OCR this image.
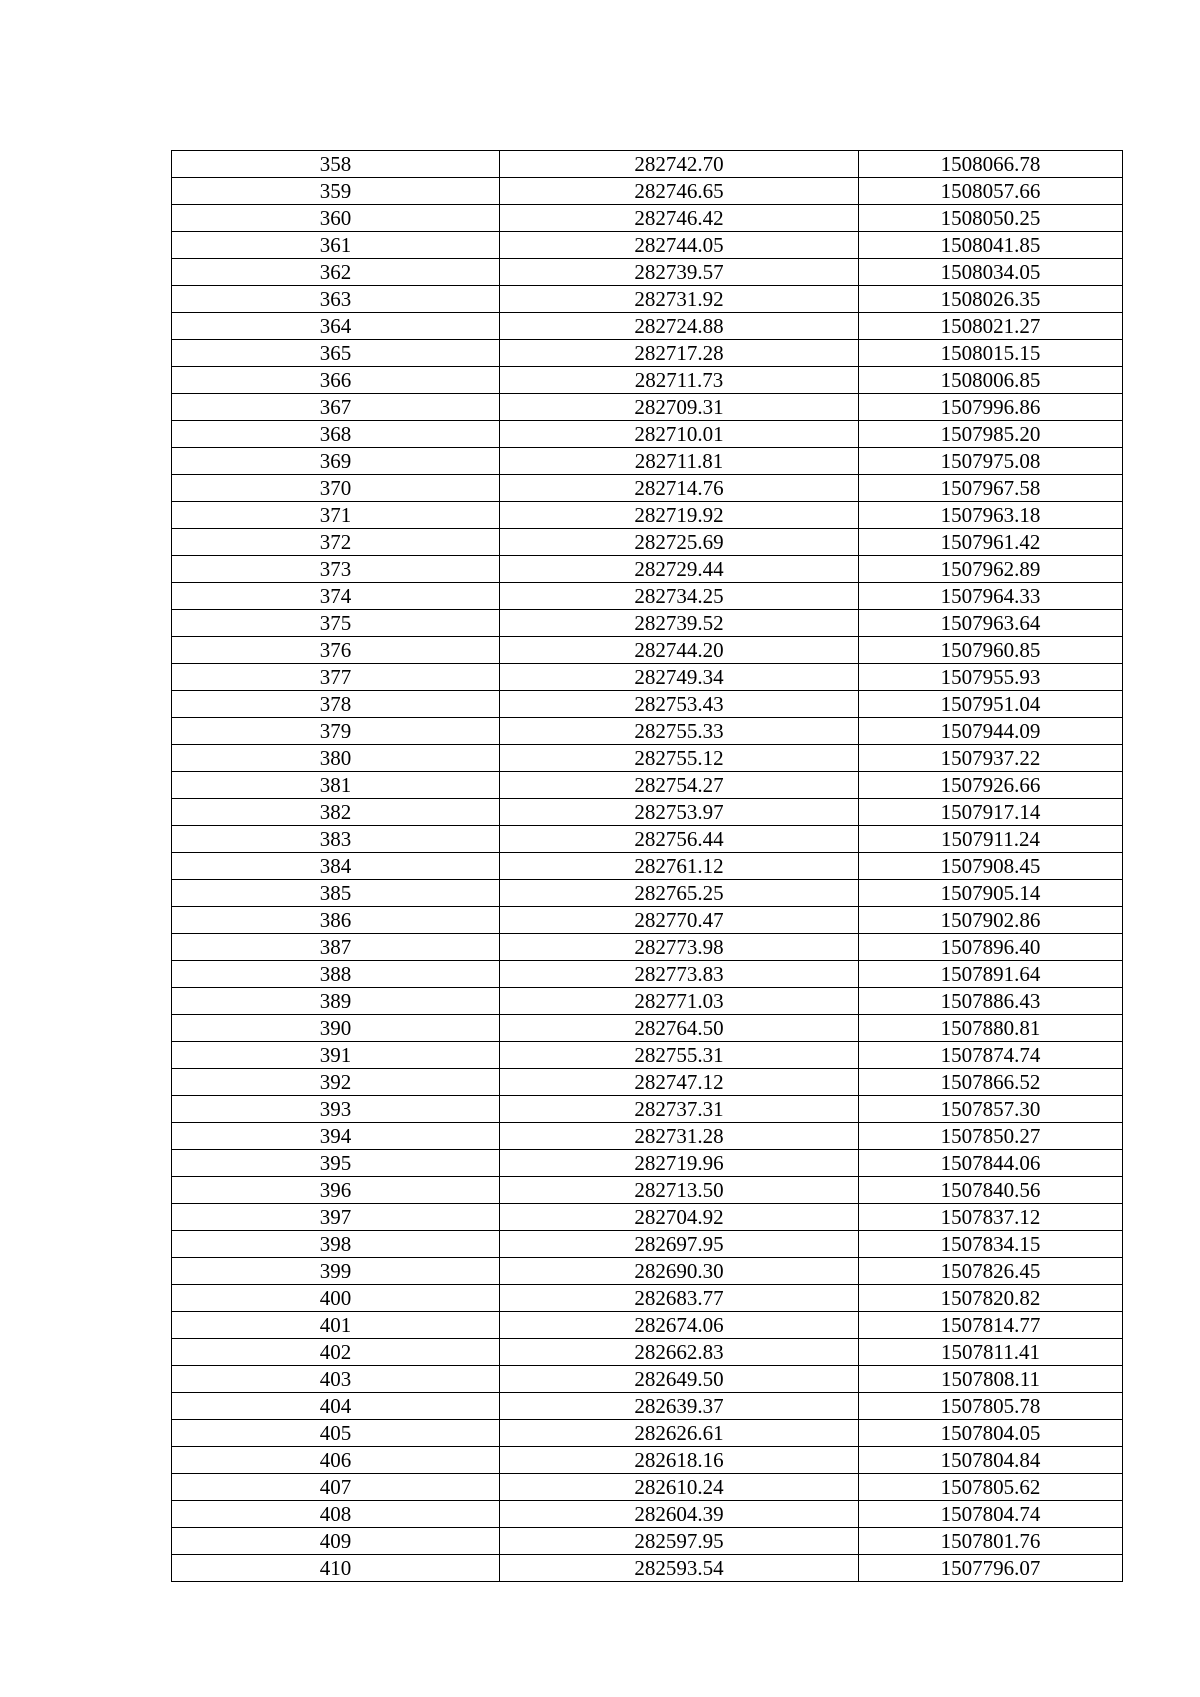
358	282742.70	1508066.78
359	282746.65	1508057.66
360	282746.42	1508050.25
361	282744.05	1508041.85
362	282739.57	1508034.05
363	282731.92	1508026.35
364	282724.88	1508021.27
365	282717.28	1508015.15
366	282711.73	1508006.85
367	282709.31	1507996.86
368	282710.01	1507985.20
369	282711.81	1507975.08
370	282714.76	1507967.58
371	282719.92	1507963.18
372	282725.69	1507961.42
373	282729.44	1507962.89
374	282734.25	1507964.33
375	282739.52	1507963.64
376	282744.20	1507960.85
377	282749.34	1507955.93
378	282753.43	1507951.04
379	282755.33	1507944.09
380	282755.12	1507937.22
381	282754.27	1507926.66
382	282753.97	1507917.14
383	282756.44	1507911.24
384	282761.12	1507908.45
385	282765.25	1507905.14
386	282770.47	1507902.86
387	282773.98	1507896.40
388	282773.83	1507891.64
389	282771.03	1507886.43
390	282764.50	1507880.81
391	282755.31	1507874.74
392	282747.12	1507866.52
393	282737.31	1507857.30
394	282731.28	1507850.27
395	282719.96	1507844.06
396	282713.50	1507840.56
397	282704.92	1507837.12
398	282697.95	1507834.15
399	282690.30	1507826.45
400	282683.77	1507820.82
401	282674.06	1507814.77
402	282662.83	1507811.41
403	282649.50	1507808.11
404	282639.37	1507805.78
405	282626.61	1507804.05
406	282618.16	1507804.84
407	282610.24	1507805.62
408	282604.39	1507804.74
409	282597.95	1507801.76
410	282593.54	1507796.07
